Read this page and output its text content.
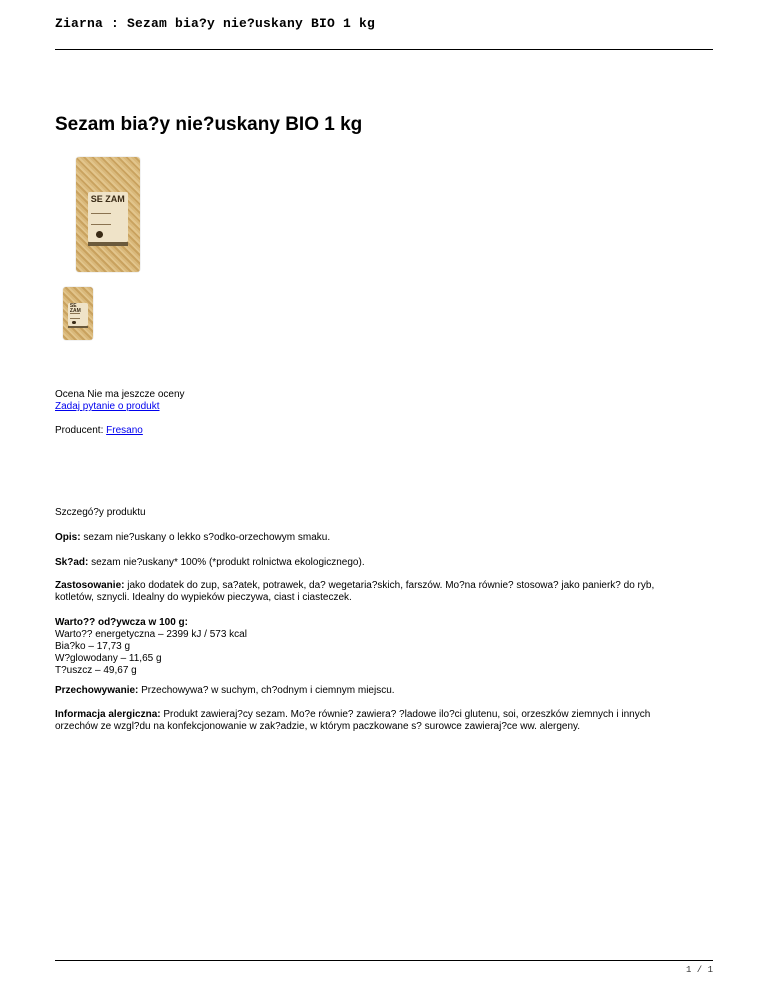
Ziarna : Sezam bia?y nie?uskany BIO 1 kg
Sezam bia?y nie?uskany BIO 1 kg
SE ZAM
SE ZAM
Ocena Nie ma jeszcze oceny
Zadaj pytanie o produkt
Producent: Fresano
Szczegó?y produktu
Opis: sezam nie?uskany o lekko s?odko-orzechowym smaku.
Sk?ad: sezam nie?uskany* 100% (*produkt rolnictwa ekologicznego).
Zastosowanie: jako dodatek do zup, sa?atek, potrawek, da? wegetaria?skich, farszów. Mo?na równie? stosowa? jako panierk? do ryb,
kotletów, sznycli. Idealny do wypieków pieczywa, ciast i ciasteczek.
Warto?? od?ywcza w 100 g:
Warto?? energetyczna – 2399 kJ / 573 kcal
Bia?ko – 17,73 g
W?glowodany – 11,65 g
T?uszcz – 49,67 g
Przechowywanie: Przechowywa? w suchym, ch?odnym i ciemnym miejscu.
Informacja alergiczna: Produkt zawieraj?cy sezam. Mo?e równie? zawiera? ?ladowe ilo?ci glutenu, soi, orzeszków ziemnych i innych
orzechów ze wzgl?du na konfekcjonowanie w zak?adzie, w którym paczkowane s? surowce zawieraj?ce ww. alergeny.
1 / 1
